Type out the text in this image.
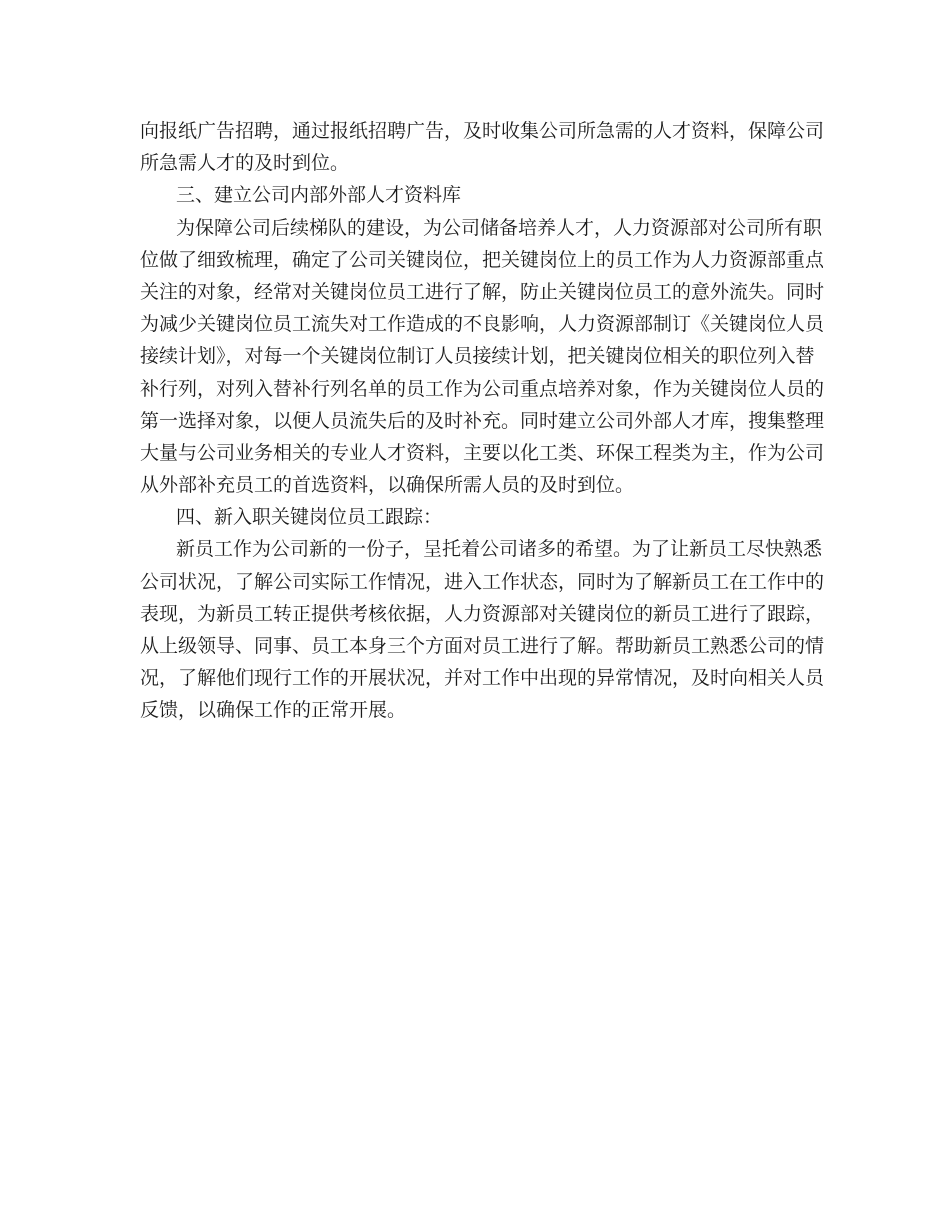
向报纸广告招聘，通过报纸招聘广告，及时收集公司所急需的人才资料，保障公司
所急需人才的及时到位。
三、建立公司内部外部人才资料库
为保障公司后续梯队的建设，为公司储备培养人才，人力资源部对公司所有职
位做了细致梳理，确定了公司关键岗位，把关键岗位上的员工作为人力资源部重点
关注的对象，经常对关键岗位员工进行了解，防止关键岗位员工的意外流失。同时
为减少关键岗位员工流失对工作造成的不良影响，人力资源部制订《关键岗位人员
接续计划》，对每一个关键岗位制订人员接续计划，把关键岗位相关的职位列入替
补行列，对列入替补行列名单的员工作为公司重点培养对象，作为关键岗位人员的
第一选择对象，以便人员流失后的及时补充。同时建立公司外部人才库，搜集整理
大量与公司业务相关的专业人才资料，主要以化工类、环保工程类为主，作为公司
从外部补充员工的首选资料，以确保所需人员的及时到位。
四、新入职关键岗位员工跟踪：
新员工作为公司新的一份子，呈托着公司诸多的希望。为了让新员工尽快熟悉
公司状况，了解公司实际工作情况，进入工作状态，同时为了解新员工在工作中的
表现，为新员工转正提供考核依据，人力资源部对关键岗位的新员工进行了跟踪，
从上级领导、同事、员工本身三个方面对员工进行了解。帮助新员工熟悉公司的情
况，了解他们现行工作的开展状况，并对工作中出现的异常情况，及时向相关人员
反馈，以确保工作的正常开展。
